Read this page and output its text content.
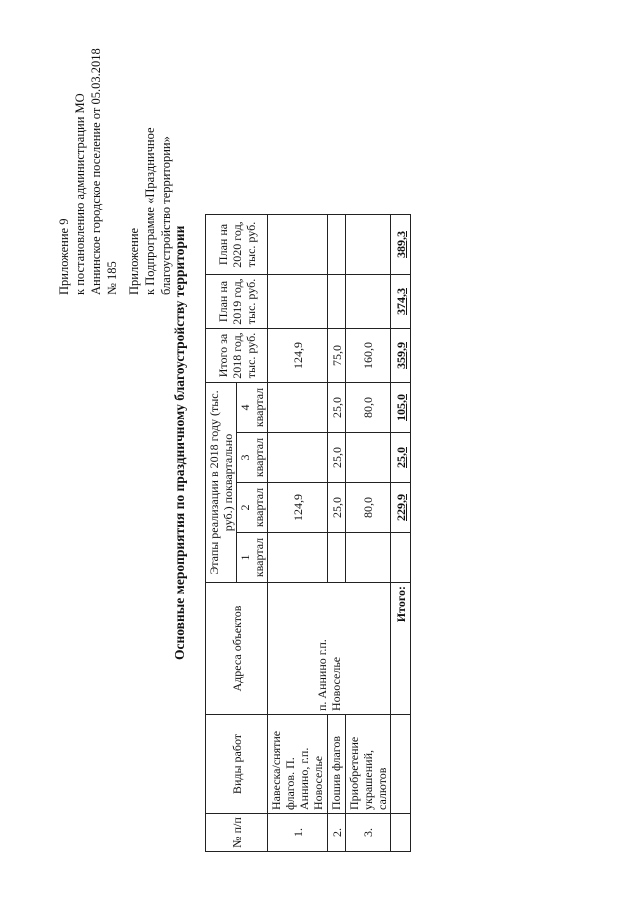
Приложение 9 к постановлению администрации МО Аннинское городское поселение от 05.03.2018 № 185 Приложение к Подпрограмме «Праздничное благоустройство территории»
Основные мероприятия по праздничному благоустройству территории
№ п/п	Виды работ	Адреса объектов	Этапы реализации в 2018 году (тыс. руб.) поквартально				Итого за 2018 год, тыс. руб.	План на 2019 год, тыс. руб.	План на 2020 год, тыс. руб.
			1 квартал	2 квартал	3 квартал	4 квартал			
1.	Навеска/снятие флагов. П. Аннино, г.п. Новоселье	п. Аннино г.п. Новоселье		124,9			124,9		
2.	Пошив флагов			25,0	25,0	25,0	75,0		
3.	Приобретение украшений, салютов			80,0		80,0	160,0		
		Итого:		229,9	25,0	105,0	359,9	374,3	389,3
